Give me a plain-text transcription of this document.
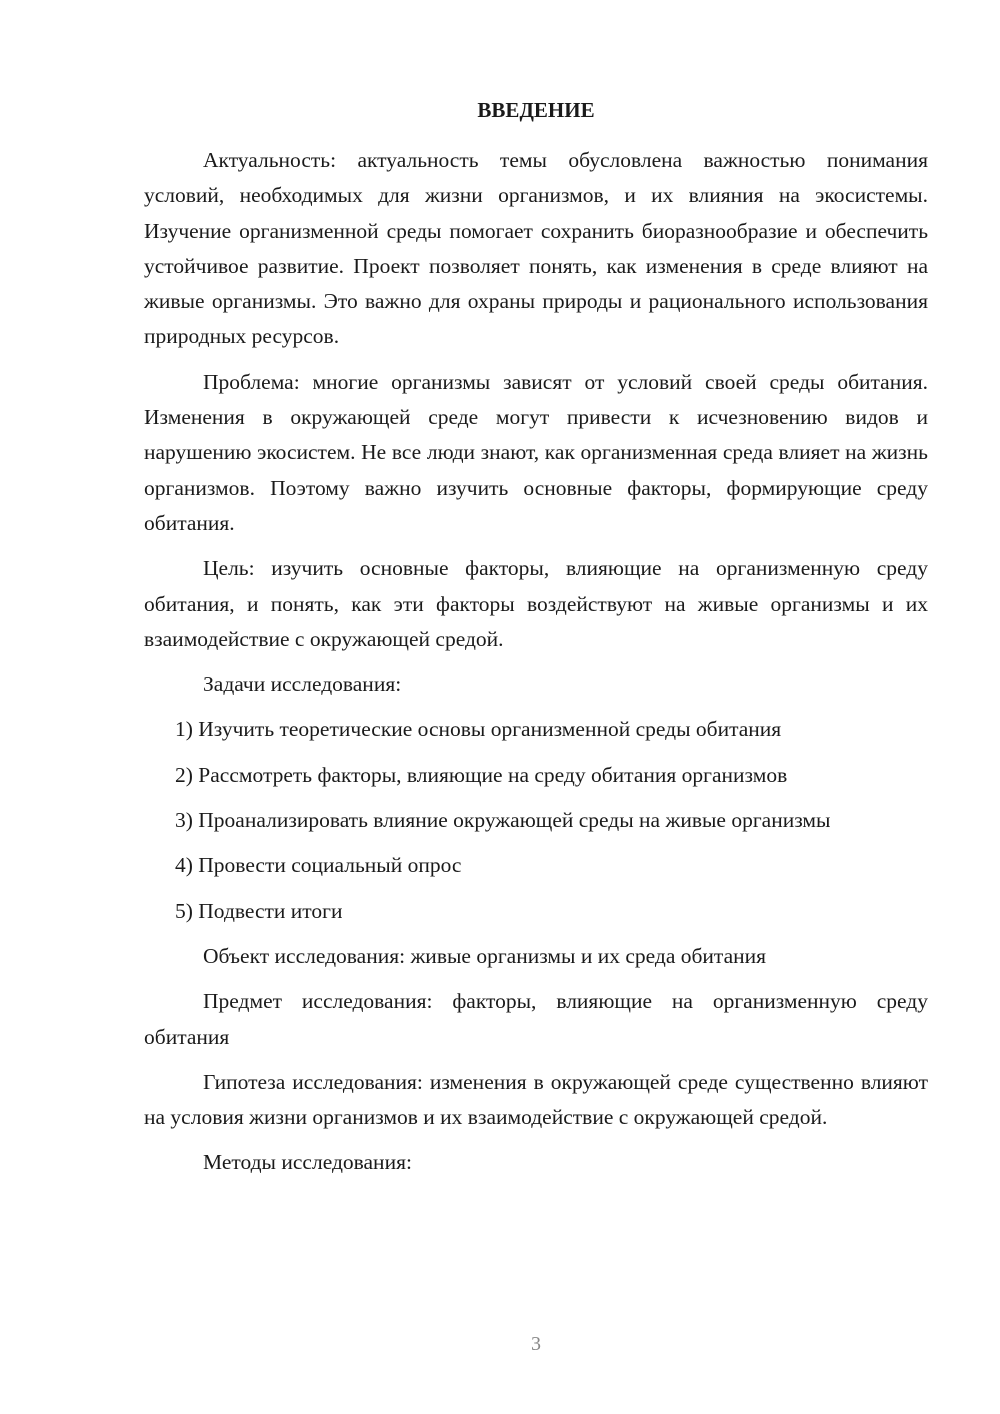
ВВЕДЕНИЕ

Актуальность: актуальность темы обусловлена важностью понимания условий, необходимых для жизни организмов, и их влияния на экосистемы. Изучение организменной среды помогает сохранить биоразнообразие и обеспечить устойчивое развитие. Проект позволяет понять, как изменения в среде влияют на живые организмы. Это важно для охраны природы и рационального использования природных ресурсов.

Проблема: многие организмы зависят от условий своей среды обитания. Изменения в окружающей среде могут привести к исчезновению видов и нарушению экосистем. Не все люди знают, как организменная среда влияет на жизнь организмов. Поэтому важно изучить основные факторы, формирующие среду обитания.

Цель: изучить основные факторы, влияющие на организменную среду обитания, и понять, как эти факторы воздействуют на живые организмы и их взаимодействие с окружающей средой.

Задачи исследования:

1) Изучить теоретические основы организменной среды обитания

2) Рассмотреть факторы, влияющие на среду обитания организмов

3) Проанализировать влияние окружающей среды на живые организмы

4) Провести социальный опрос

5) Подвести итоги

Объект исследования: живые организмы и их среда обитания

Предмет исследования: факторы, влияющие на организменную среду обитания

Гипотеза исследования: изменения в окружающей среде существенно влияют на условия жизни организмов и их взаимодействие с окружающей средой.

Методы исследования:

3
